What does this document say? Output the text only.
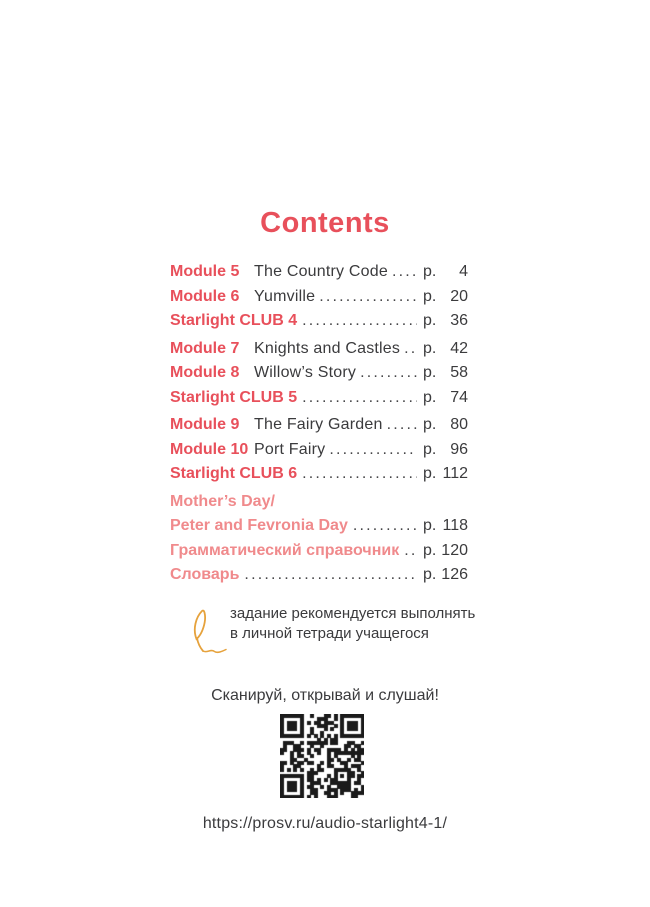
Contents
Module 5 The Country Code ..... p.	4
Module 6 Yumville .....	p. 20
Starlight CLUB 4 .....	p. 36
Module 7 Knights and Castles ..... p. 42
Module 8 Willow’s Story .....	p. 58
Starlight CLUB 5 .....	p. 74
Module 9 The Fairy Garden .....	p. 80
Module 10 Port Fairy .....	p. 96
Starlight CLUB 6 .....	p. 112
Mother’s Day/
Peter and Fevronia Day .....	p. 118
Грамматический справочник ..... p. 120
Словарь .....	p. 126
задание рекомендуется выполнять
в личной тетради учащегося
Сканируй, открывай и слушай!
https://prosv.ru/audio-starlight4-1/
